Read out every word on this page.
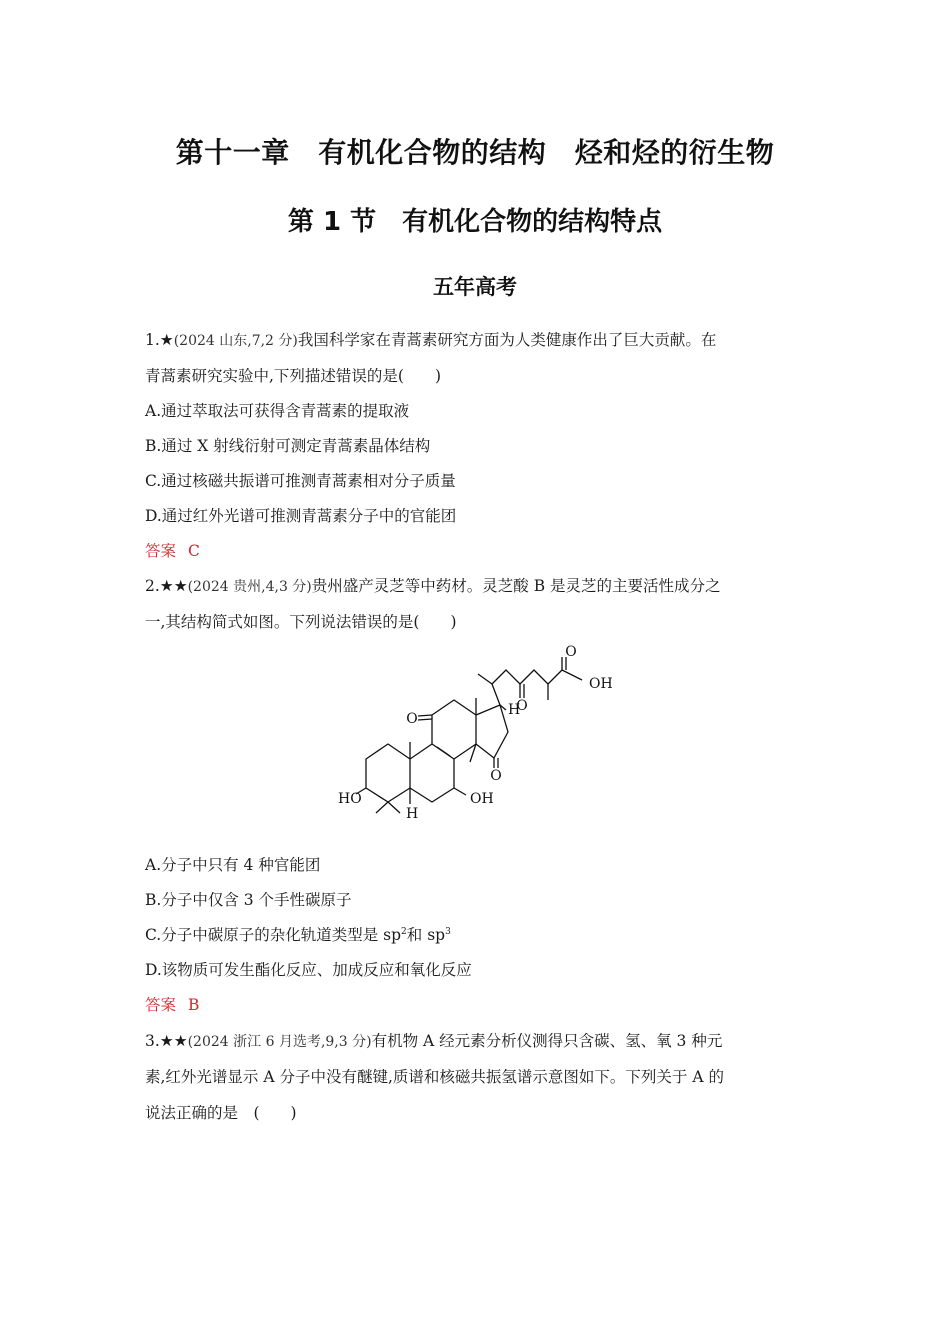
第十一章　有机化合物的结构　烃和烃的衍生物
第 1 节　有机化合物的结构特点
五年高考
1.★(2024 山东,7,2 分)我国科学家在青蒿素研究方面为人类健康作出了巨大贡献。在
青蒿素研究实验中,下列描述错误的是(　　)
A.通过萃取法可获得含青蒿素的提取液
B.通过 X 射线衍射可测定青蒿素晶体结构
C.通过核磁共振谱可推测青蒿素相对分子质量
D.通过红外光谱可推测青蒿素分子中的官能团
答案 C
2.★★(2024 贵州,4,3 分)贵州盛产灵芝等中药材。灵芝酸 B 是灵芝的主要活性成分之
一,其结构简式如图。下列说法错误的是(　　)
O
OH
O
H
O
O
HO	OH
H
A.分子中只有 4 种官能团
B.分子中仅含 3 个手性碳原子
C.分子中碳原子的杂化轨道类型是 $sp^2$和 $sp^3$
D.该物质可发生酯化反应、加成反应和氧化反应
答案 B
3.★★(2024 浙江 6 月选考,9,3 分)有机物 A 经元素分析仪测得只含碳、氢、氧 3 种元
素,红外光谱显示 A 分子中没有醚键,质谱和核磁共振氢谱示意图如下。下列关于 A 的
说法正确的是　(　　)
